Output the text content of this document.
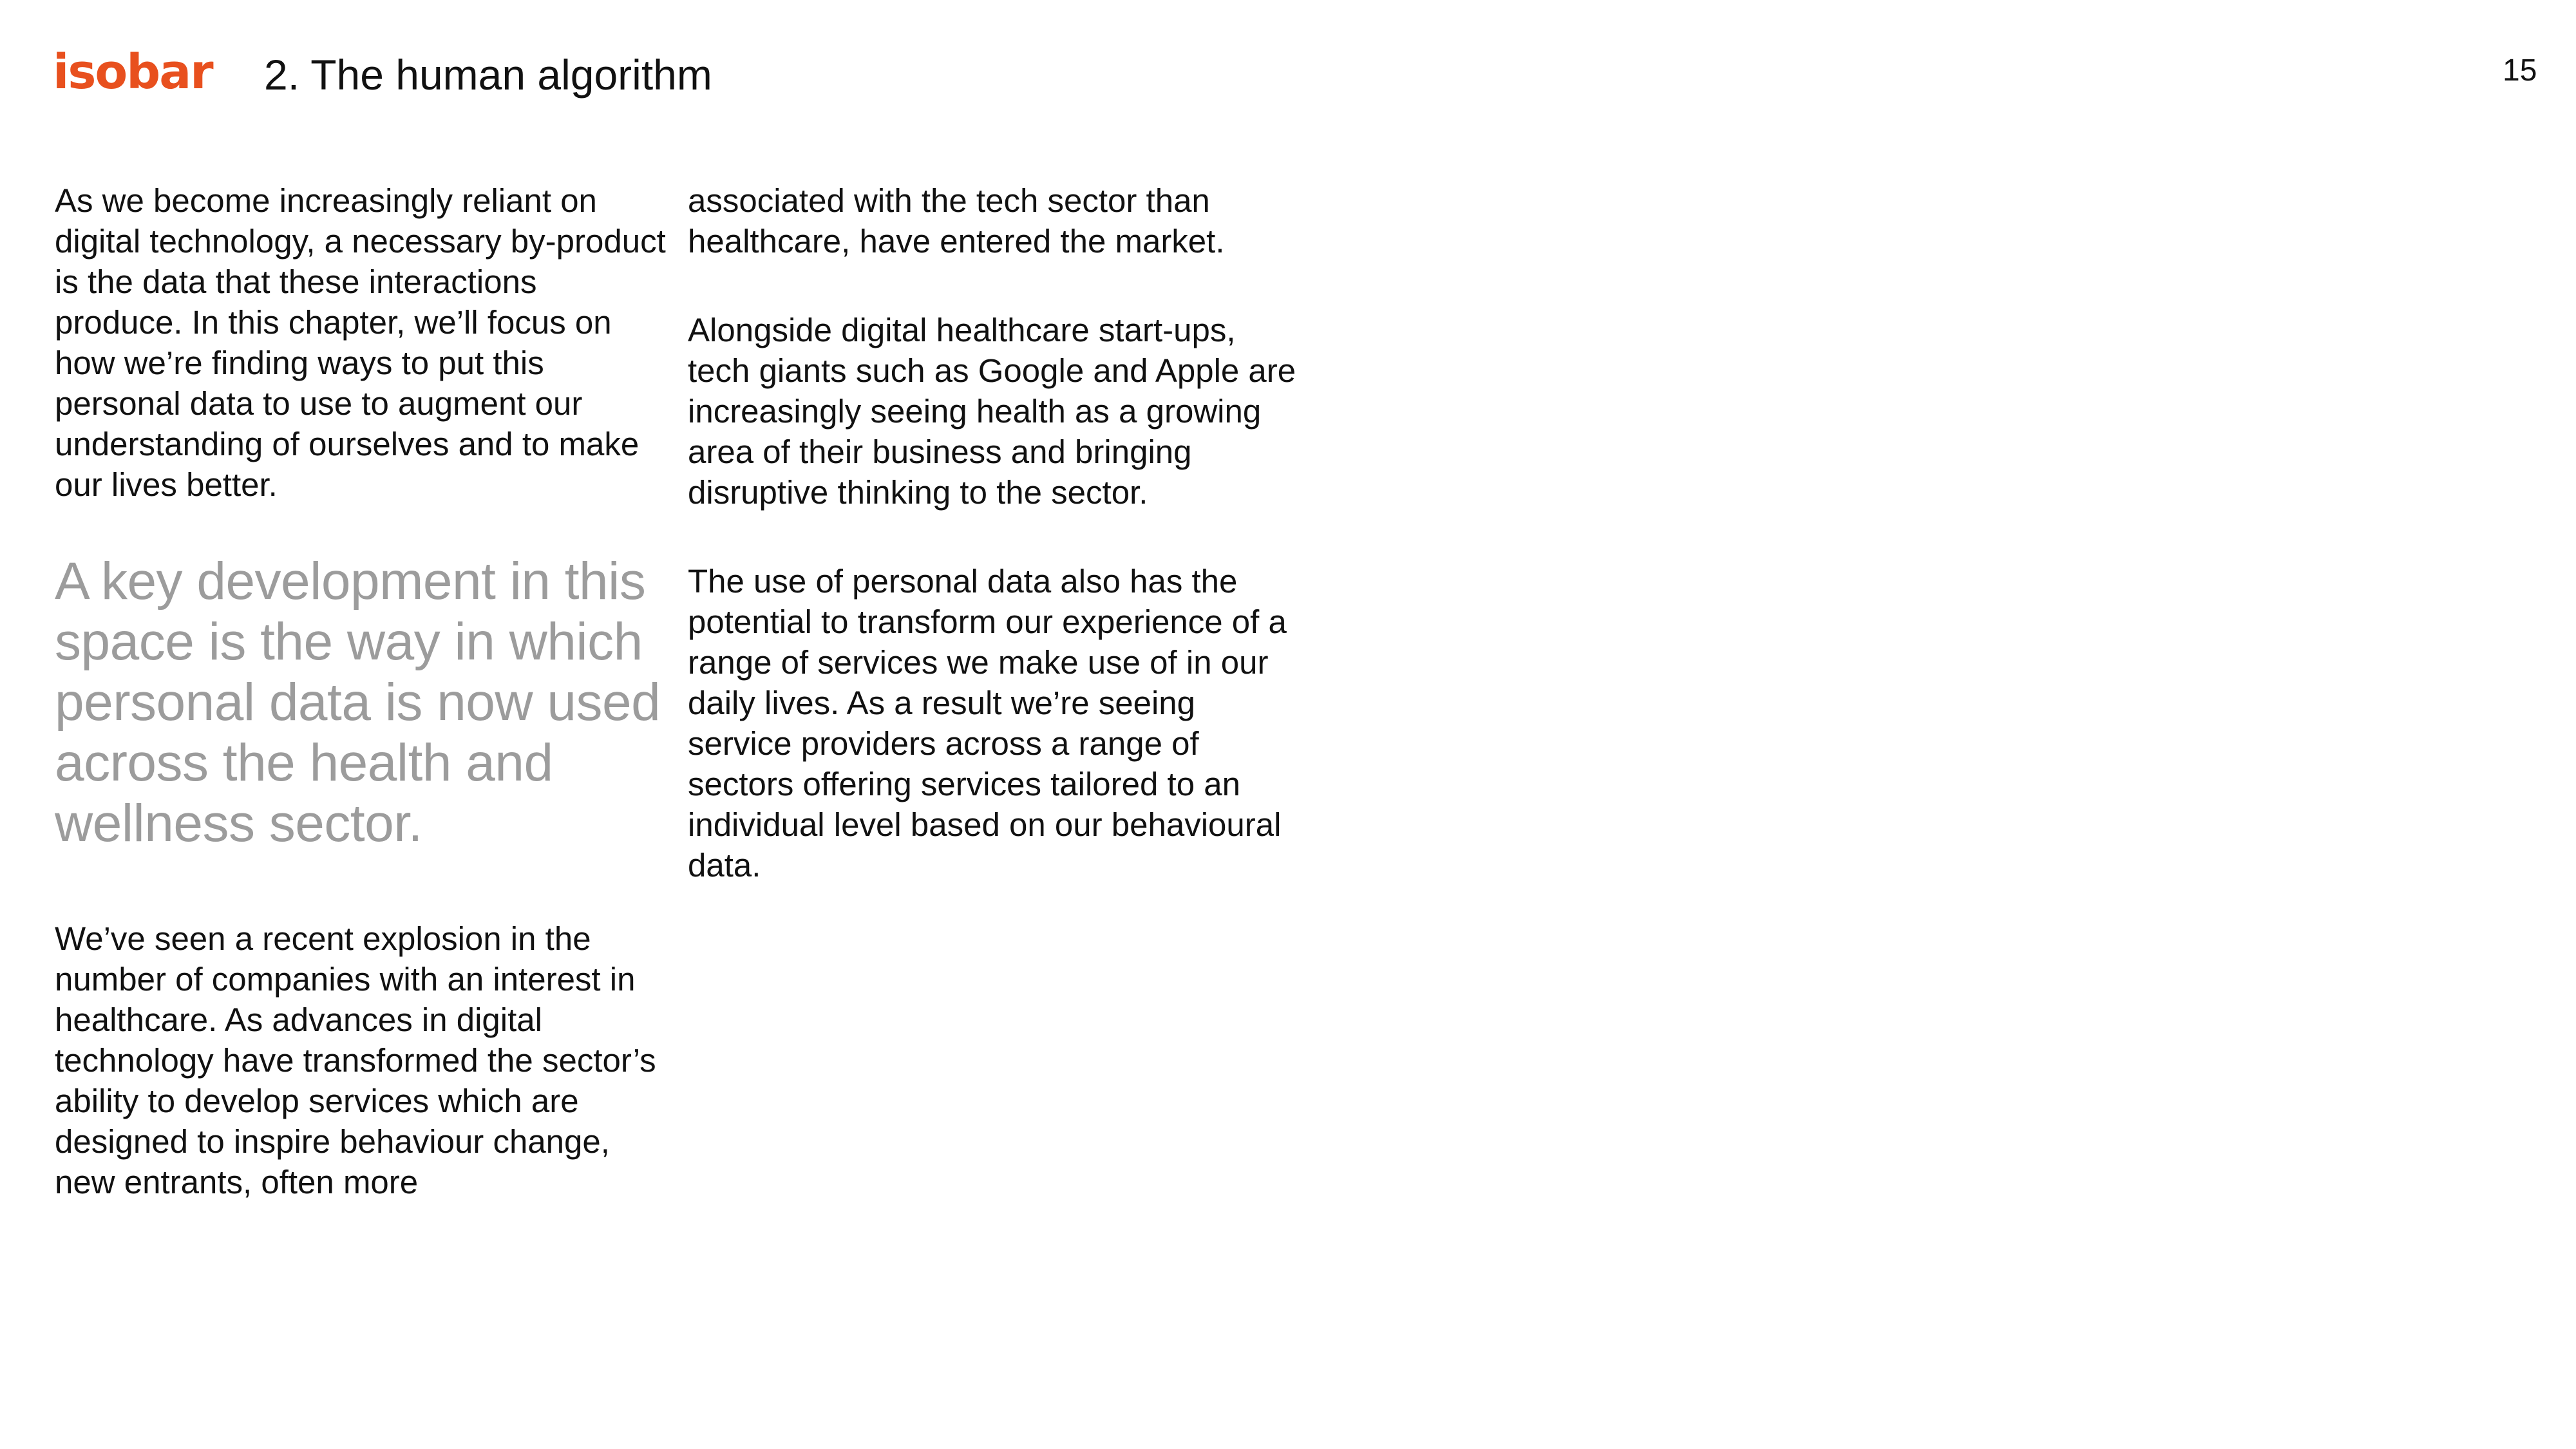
isobar 2. The human algorithm	15

As we become increasingly reliant on digital technology, a necessary by-product is the data that these interactions produce. In this chapter, we’ll focus on how we’re finding ways to put this personal data to use to augment our understanding of ourselves and to make our lives better.

A key development in this space is the way in which personal data is now used across the health and wellness sector.

We’ve seen a recent explosion in the number of companies with an interest in healthcare. As advances in digital technology have transformed the sector’s ability to develop services which are designed to inspire behaviour change, new entrants, often more

associated with the tech sector than healthcare, have entered the market.

Alongside digital healthcare start-ups, tech giants such as Google and Apple are increasingly seeing health as a growing area of their business and bringing disruptive thinking to the sector.

The use of personal data also has the potential to transform our experience of a range of services we make use of in our daily lives. As a result we’re seeing service providers across a range of sectors offering services tailored to an individual level based on our behavioural data.
